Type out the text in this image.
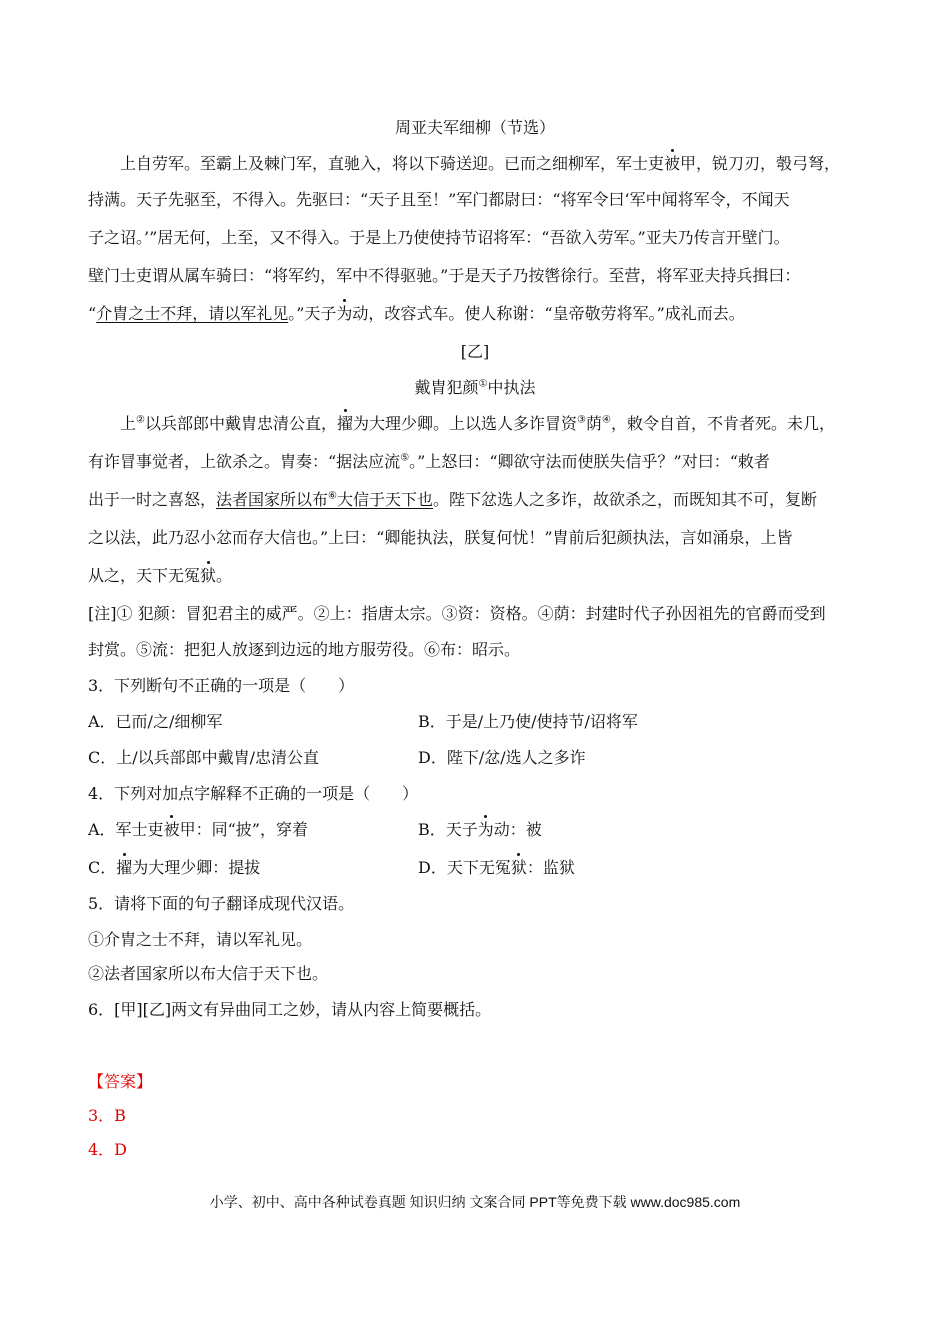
周亚夫军细柳（节选）
上自劳军。至霸上及棘门军，直驰入，将以下骑送迎。已而之细柳军，军士吏被甲，锐刀刃，彀弓弩，
持满。天子先驱至，不得入。先驱曰：“天子且至！”军门都尉曰：“将军令曰‘军中闻将军令，不闻天
子之诏。’”居无何，上至，又不得入。于是上乃使使持节诏将军：“吾欲入劳军。”亚夫乃传言开壁门。
壁门士吏谓从属车骑曰：“将军约，军中不得驱驰。”于是天子乃按辔徐行。至营，将军亚夫持兵揖曰：
“介胄之士不拜，请以军礼见。”天子为动，改容式车。使人称谢：“皇帝敬劳将军。”成礼而去。
[乙]
戴胄犯颜①中执法
上②以兵部郎中戴胄忠清公直，擢为大理少卿。上以选人多诈冒资③荫④，敕令自首，不肯者死。未几，
有诈冒事觉者，上欲杀之。胄奏：“据法应流⑤。”上怒曰：“卿欲守法而使朕失信乎？”对曰：“敕者
出于一时之喜怒，法者国家所以布⑥大信于天下也。陛下忿选人之多诈，故欲杀之，而既知其不可，复断
之以法，此乃忍小忿而存大信也。”上曰：“卿能执法，朕复何忧！”胄前后犯颜执法，言如涌泉，上皆
从之，天下无冤狱。
[注]① 犯颜：冒犯君主的威严。②上：指唐太宗。③资：资格。④荫：封建时代子孙因祖先的官爵而受到
封赏。⑤流：把犯人放逐到边远的地方服劳役。⑥布：昭示。
3．下列断句不正确的一项是（　　）
A．已而/之/细柳军	B．于是/上乃使/使持节/诏将军
C．上/以兵部郎中戴胄/忠清公直	D．陛下/忿/选人之多诈
4．下列对加点字解释不正确的一项是（　　）
A．军士吏被甲：同“披”，穿着	B．天子为动：被
C．擢为大理少卿：提拔	D．天下无冤狱：监狱
5．请将下面的句子翻译成现代汉语。
①介胄之士不拜，请以军礼见。
②法者国家所以布大信于天下也。
6．[甲][乙]两文有异曲同工之妙，请从内容上简要概括。
【答案】
3．B
4．D
小学、初中、高中各种试卷真题 知识归纳 文案合同 PPT等免费下载 www.doc985.com
